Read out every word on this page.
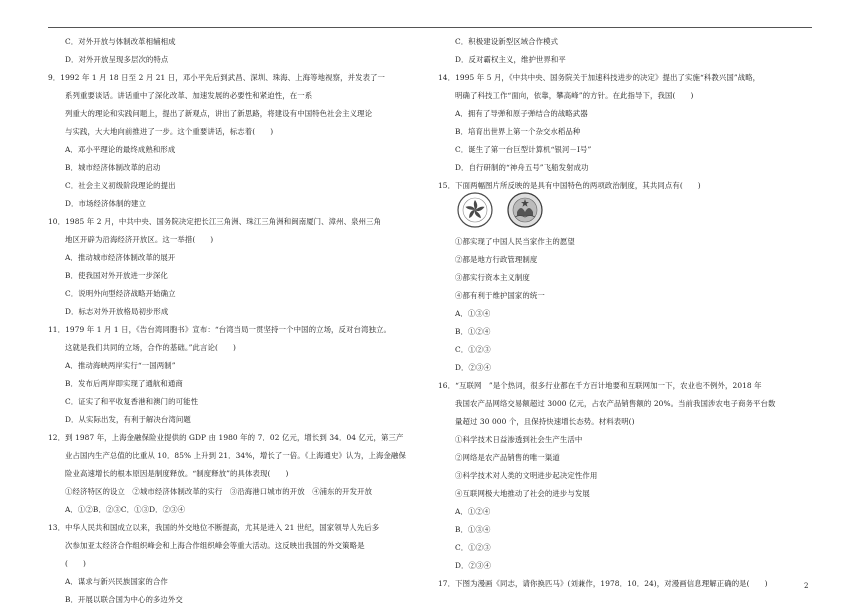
C．对外开放与体制改革相辅相成
D．对外开放呈现多层次的特点
9．1992 年 1 月 18 日至 2 月 21 日，邓小平先后到武昌、深圳、珠海、上海等地视察，并发表了一
系列重要谈话。讲话重中了深化改革、加速发展的必要性和紧迫性，在一系
列重大的理论和实践问题上，提出了新观点，讲出了新思路，将建设有中国特色社会主义理论
与实践，大大地向前推进了一步。这个重要讲话，标志着(　　)
A．邓小平理论的最终成熟和形成
B．城市经济体制改革的启动
C．社会主义初级阶段理论的提出
D．市场经济体制的建立
10．1985 年 2 月，中共中央、国务院决定把长江三角洲、珠江三角洲和闽南厦门、漳州、泉州三角
地区开辟为沿海经济开放区。这一举措(　　)
A．推动城市经济体制改革的展开
B．使我国对外开放进一步深化
C．说明外向型经济战略开始确立
D．标志对外开放格局初步形成
11．1979 年 1 月 1 日，《告台湾同胞书》宣布：“台湾当局一贯坚持一个中国的立场，反对台湾独立。
这就是我们共同的立场，合作的基础。”此言论(　　)
A．推动海峡两岸实行“一国两制”
B．发布后两岸即实现了通航和通商
C．证实了和平收复香港和澳门的可能性
D．从实际出发，有利于解决台湾问题
12．到 1987 年，上海金融保险业提供的 GDP 由 1980 年的 7．02 亿元，增长到 34．04 亿元，第三产
业占国内生产总值的比重从 10．85% 上升到 21．34%，增长了一倍。《上海通史》认为，上海金融保
险业高速增长的根本原因是制度释放。“制度释放”的具体表现(　　)
①经济特区的设立　②城市经济体制改革的实行　③沿海港口城市的开放　④浦东的开发开放
A．①②B．②③C．①③D．②③④
13．中华人民共和国成立以来，我国的外交地位不断提高，尤其是进入 21 世纪，国家领导人先后多
次参加亚太经济合作组织峰会和上海合作组织峰会等重大活动。这反映出我国的外交策略是
(　　)
A．谋求与新兴民族国家的合作
B．开展以联合国为中心的多边外交
C．积极建设新型区域合作模式
D．反对霸权主义，维护世界和平
14．1995 年 5 月，《中共中央、国务院关于加速科技进步的决定》提出了实施“科教兴国”战略，
明确了科技工作“面向，依靠，攀高峰”的方针。在此指导下，我国(　　)
A．拥有了导弹和原子弹结合的战略武器
B．培育出世界上第一个杂交水稻品种
C．诞生了第一台巨型计算机“银河－Ⅰ号”
D．自行研制的“神舟五号”飞船发射成功
15．下面两幅图片所反映的是具有中国特色的两项政治制度，其共同点有(　　)
①都实现了中国人民当家作主的愿望
②都是地方行政管理制度
③都实行资本主义制度
④都有利于维护国家的统一
A．①③④
B．①②④
C．①②③
D．②③④
16．“互联网　”是个热词，很多行业都在千方百计地要和互联网加一下，农业也不例外，2018 年
我国农产品网络交易额超过 3000 亿元，占农产品销售额的 20%。当前我国涉农电子商务平台数
量超过 30 000 个，且保持快速增长态势。材料表明()
①科学技术日益渗透到社会生产生活中
②网络是农产品销售的唯一渠道
③科学技术对人类的文明进步起决定性作用
④互联网极大地推动了社会的进步与发展
A．①②④
B．①③④
C．①②③
D．②③④
17．下图为漫画《同志，请你换匹马》(刘兼作，1978．10．24)，对漫画信息理解正确的是(　　)	2
